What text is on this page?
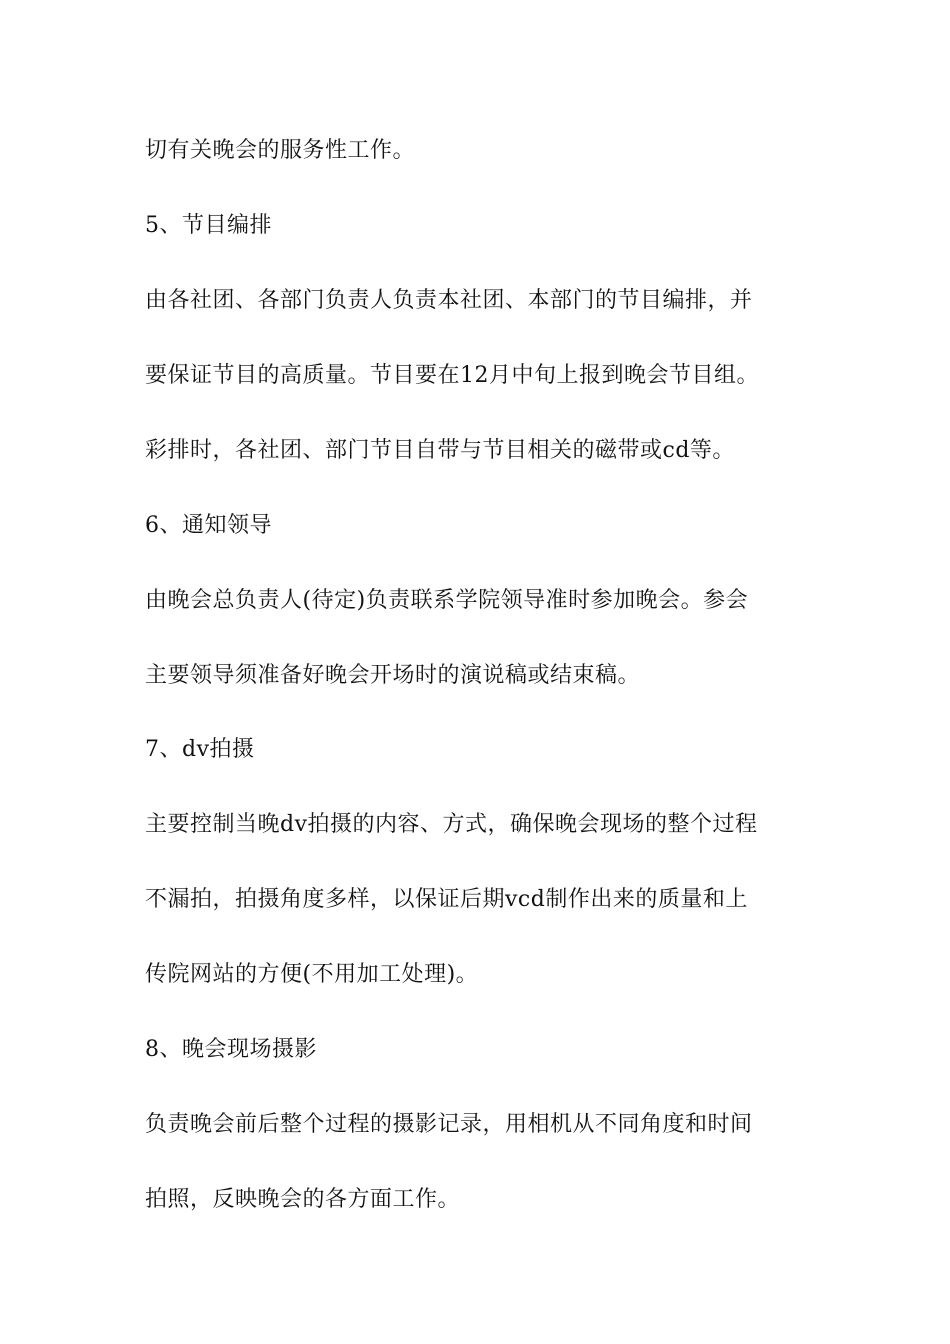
切有关晚会的服务性工作。
5、节目编排
由各社团、各部门负责人负责本社团、本部门的节目编排，并
要保证节目的高质量。节目要在12月中旬上报到晚会节目组。
彩排时，各社团、部门节目自带与节目相关的磁带或cd等。
6、通知领导
由晚会总负责人(待定)负责联系学院领导准时参加晚会。参会
主要领导须准备好晚会开场时的演说稿或结束稿。
7、dv拍摄
主要控制当晚dv拍摄的内容、方式，确保晚会现场的整个过程
不漏拍，拍摄角度多样，以保证后期vcd制作出来的质量和上
传院网站的方便(不用加工处理)。
8、晚会现场摄影
负责晚会前后整个过程的摄影记录，用相机从不同角度和时间
拍照，反映晚会的各方面工作。
